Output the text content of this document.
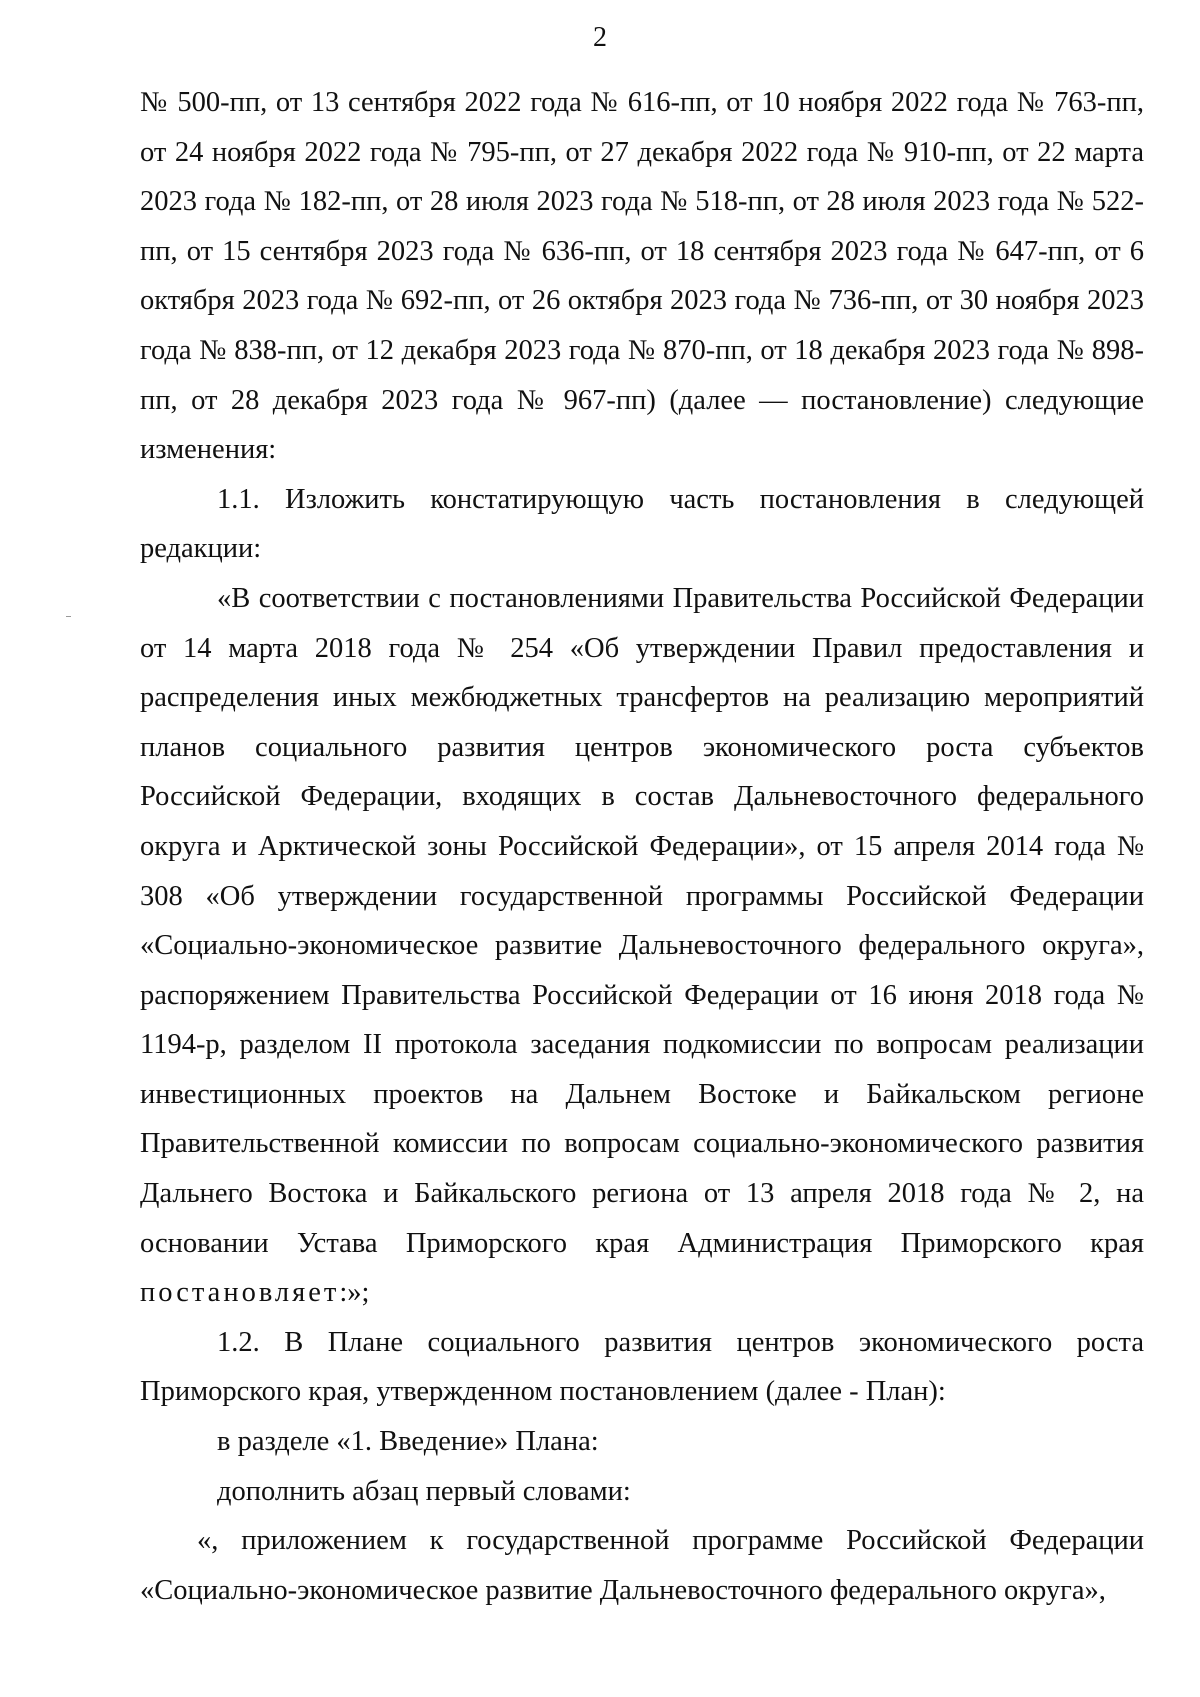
2

№ 500-пп, от 13 сентября 2022 года № 616-пп, от 10 ноября 2022 года № 763-пп, от 24 ноября 2022 года № 795-пп, от 27 декабря 2022 года № 910-пп, от 22 марта 2023 года № 182-пп, от 28 июля 2023 года № 518-пп, от 28 июля 2023 года № 522-пп, от 15 сентября 2023 года № 636-пп, от 18 сентября 2023 года № 647-пп, от 6 октября 2023 года № 692-пп, от 26 октября 2023 года № 736-пп, от 30 ноября 2023 года № 838-пп, от 12 декабря 2023 года № 870-пп, от 18 декабря 2023 года № 898-пп, от 28 декабря 2023 года № 967-пп) (далее — постановление) следующие изменения:

1.1. Изложить констатирующую часть постановления в следующей редакции:

«В соответствии с постановлениями Правительства Российской Федерации от 14 марта 2018 года № 254 «Об утверждении Правил предоставления и распределения иных межбюджетных трансфертов на реализацию мероприятий планов социального развития центров экономического роста субъектов Российской Федерации, входящих в состав Дальневосточного федерального округа и Арктической зоны Российской Федерации», от 15 апреля 2014 года № 308 «Об утверждении государственной программы Российской Федерации «Социально-экономическое развитие Дальневосточного федерального округа», распоряжением Правительства Российской Федерации от 16 июня 2018 года № 1194-р, разделом II протокола заседания подкомиссии по вопросам реализации инвестиционных проектов на Дальнем Востоке и Байкальском регионе Правительственной комиссии по вопросам социально-экономического развития Дальнего Востока и Байкальского региона от 13 апреля 2018 года № 2, на основании Устава Приморского края Администрация Приморского края постановляет:»;

1.2. В Плане социального развития центров экономического роста Приморского края, утвержденном постановлением (далее - План):

в разделе «1. Введение» Плана:

дополнить абзац первый словами:

«, приложением к государственной программе Российской Федерации «Социально-экономическое развитие Дальневосточного федерального округа»,
